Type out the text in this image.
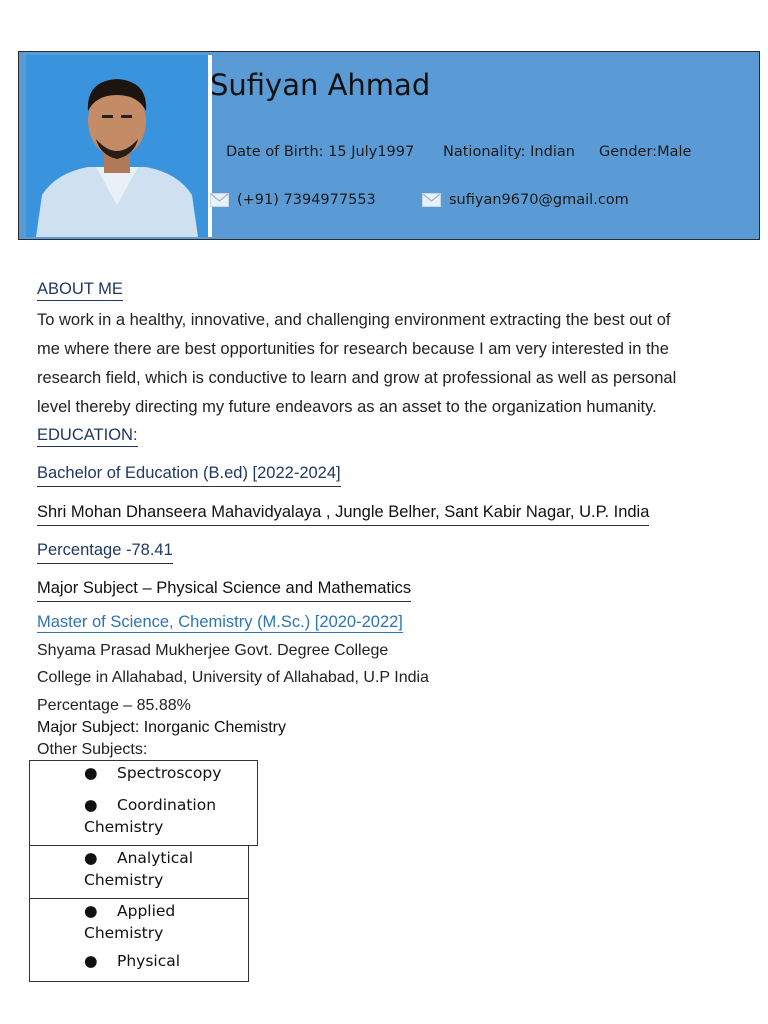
Sufiyan Ahmad
Date of Birth: 15 July1997 Nationality: Indian Gender:Male
(+91) 7394977553	sufiyan9670@gmail.com
ABOUT ME
To work in a healthy, innovative, and challenging environment extracting the best out of
me where there are best opportunities for research because I am very interested in the
research field, which is conductive to learn and grow at professional as well as personal
level thereby directing my future endeavors as an asset to the organization humanity.
EDUCATION:
Bachelor of Education (B.ed) [2022-2024]
Shri Mohan Dhanseera Mahavidyalaya , Jungle Belher, Sant Kabir Nagar, U.P. India
Percentage -78.41
Major Subject – Physical Science and Mathematics
Master of Science, Chemistry (M.Sc.) [2020-2022]
Shyama Prasad Mukherjee Govt. Degree College
College in Allahabad, University of Allahabad, U.P India
Percentage – 85.88%
Major Subject: Inorganic Chemistry
Other Subjects:
● Spectroscopy
● Coordination
Chemistry
● Analytical
Chemistry
● Applied
Chemistry
● Physical
